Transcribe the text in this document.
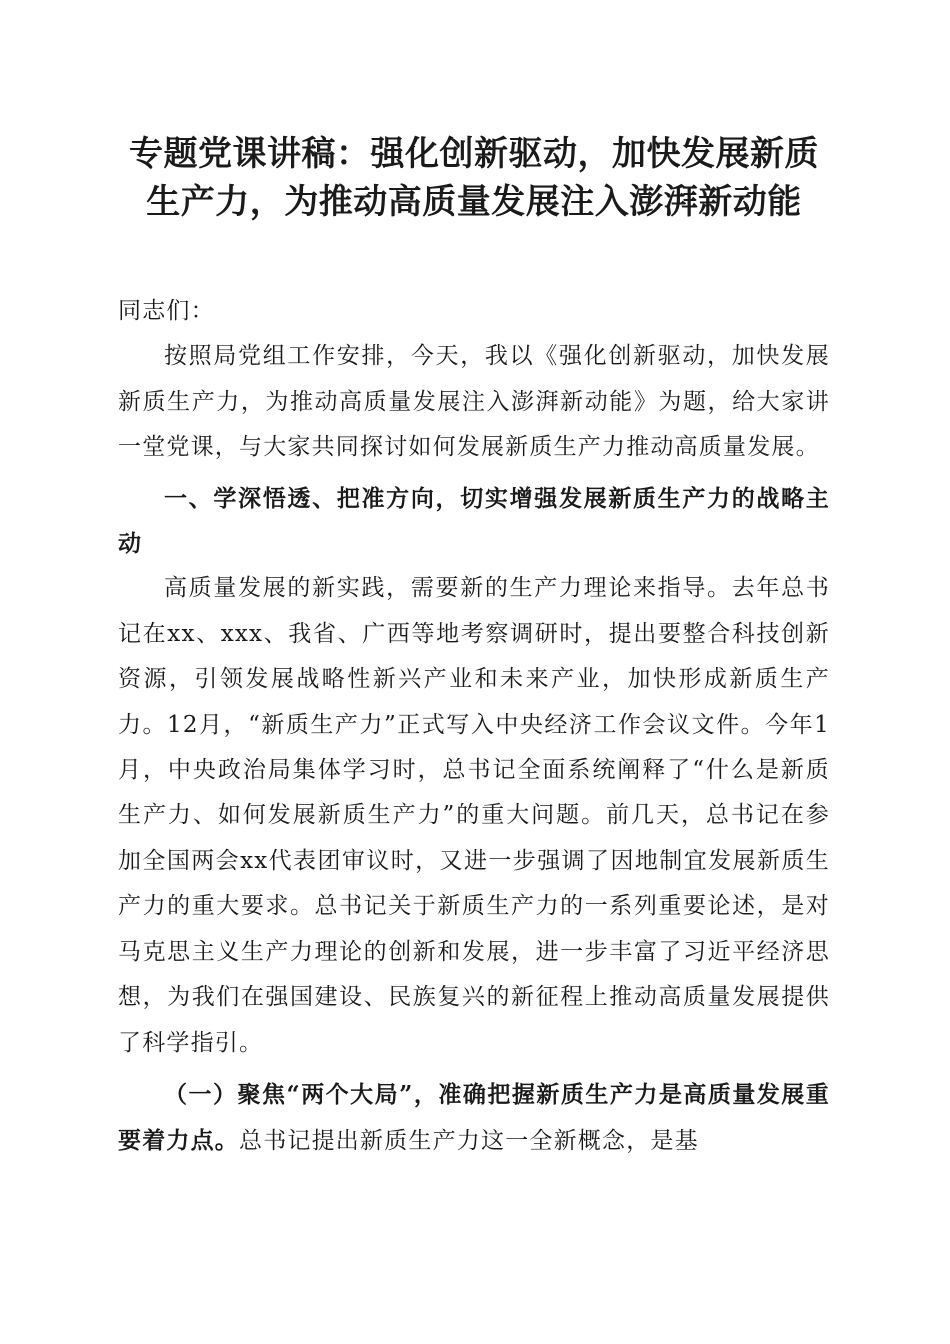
专题党课讲稿：强化创新驱动，加快发展新质
生产力，为推动高质量发展注入澎湃新动能

同志们：

按照局党组工作安排，今天，我以《强化创新驱动，加快发展新质生产力，为推动高质量发展注入澎湃新动能》为题，给大家讲一堂党课，与大家共同探讨如何发展新质生产力推动高质量发展。

一、学深悟透、把准方向，切实增强发展新质生产力的战略主动

高质量发展的新实践，需要新的生产力理论来指导。去年总书记在xx、xxx、我省、广西等地考察调研时，提出要整合科技创新资源，引领发展战略性新兴产业和未来产业，加快形成新质生产力。12月，“新质生产力”正式写入中央经济工作会议文件。今年1月，中央政治局集体学习时，总书记全面系统阐释了“什么是新质生产力、如何发展新质生产力”的重大问题。前几天，总书记在参加全国两会xx代表团审议时，又进一步强调了因地制宜发展新质生产力的重大要求。总书记关于新质生产力的一系列重要论述，是对马克思主义生产力理论的创新和发展，进一步丰富了习近平经济思想，为我们在强国建设、民族复兴的新征程上推动高质量发展提供了科学指引。

（一）聚焦“两个大局”，准确把握新质生产力是高质量发展重要着力点。总书记提出新质生产力这一全新概念，是基
